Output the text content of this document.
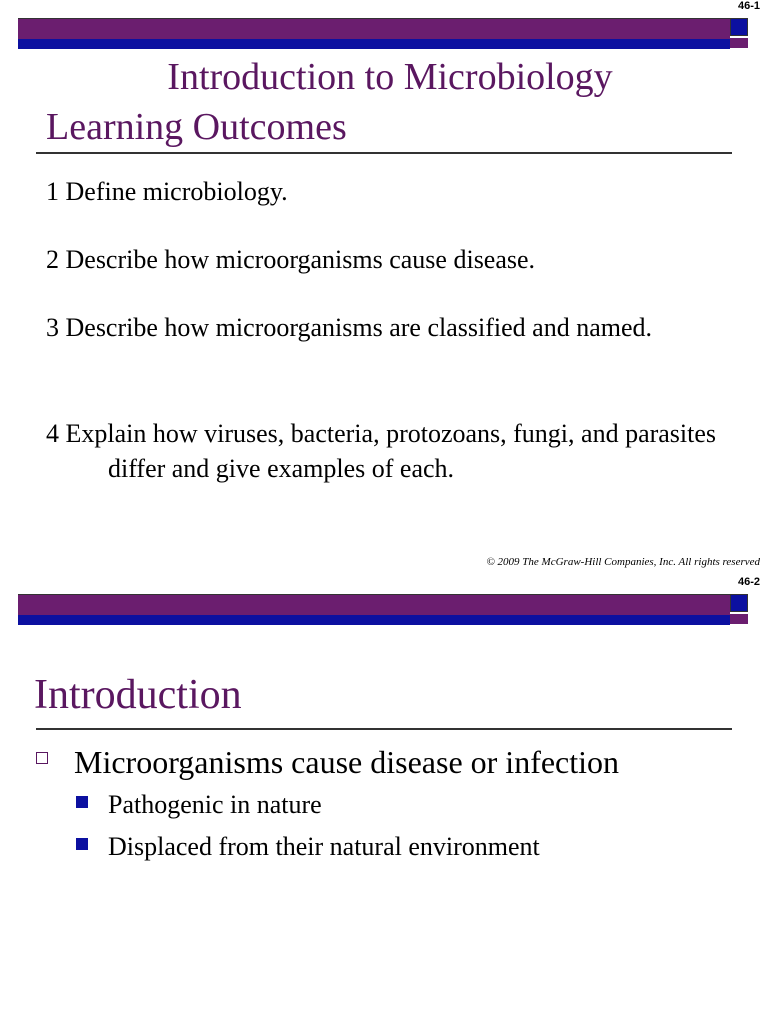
46-1
Introduction to Microbiology
Learning Outcomes
1 Define microbiology.
2 Describe how microorganisms cause disease.
3 Describe how microorganisms are classified and named.
4 Explain how viruses, bacteria, protozoans, fungi, and parasites differ and give examples of each.
© 2009 The McGraw-Hill Companies, Inc. All rights reserved
46-2
Introduction
Microorganisms cause disease or infection
Pathogenic in nature
Displaced from their natural environment
